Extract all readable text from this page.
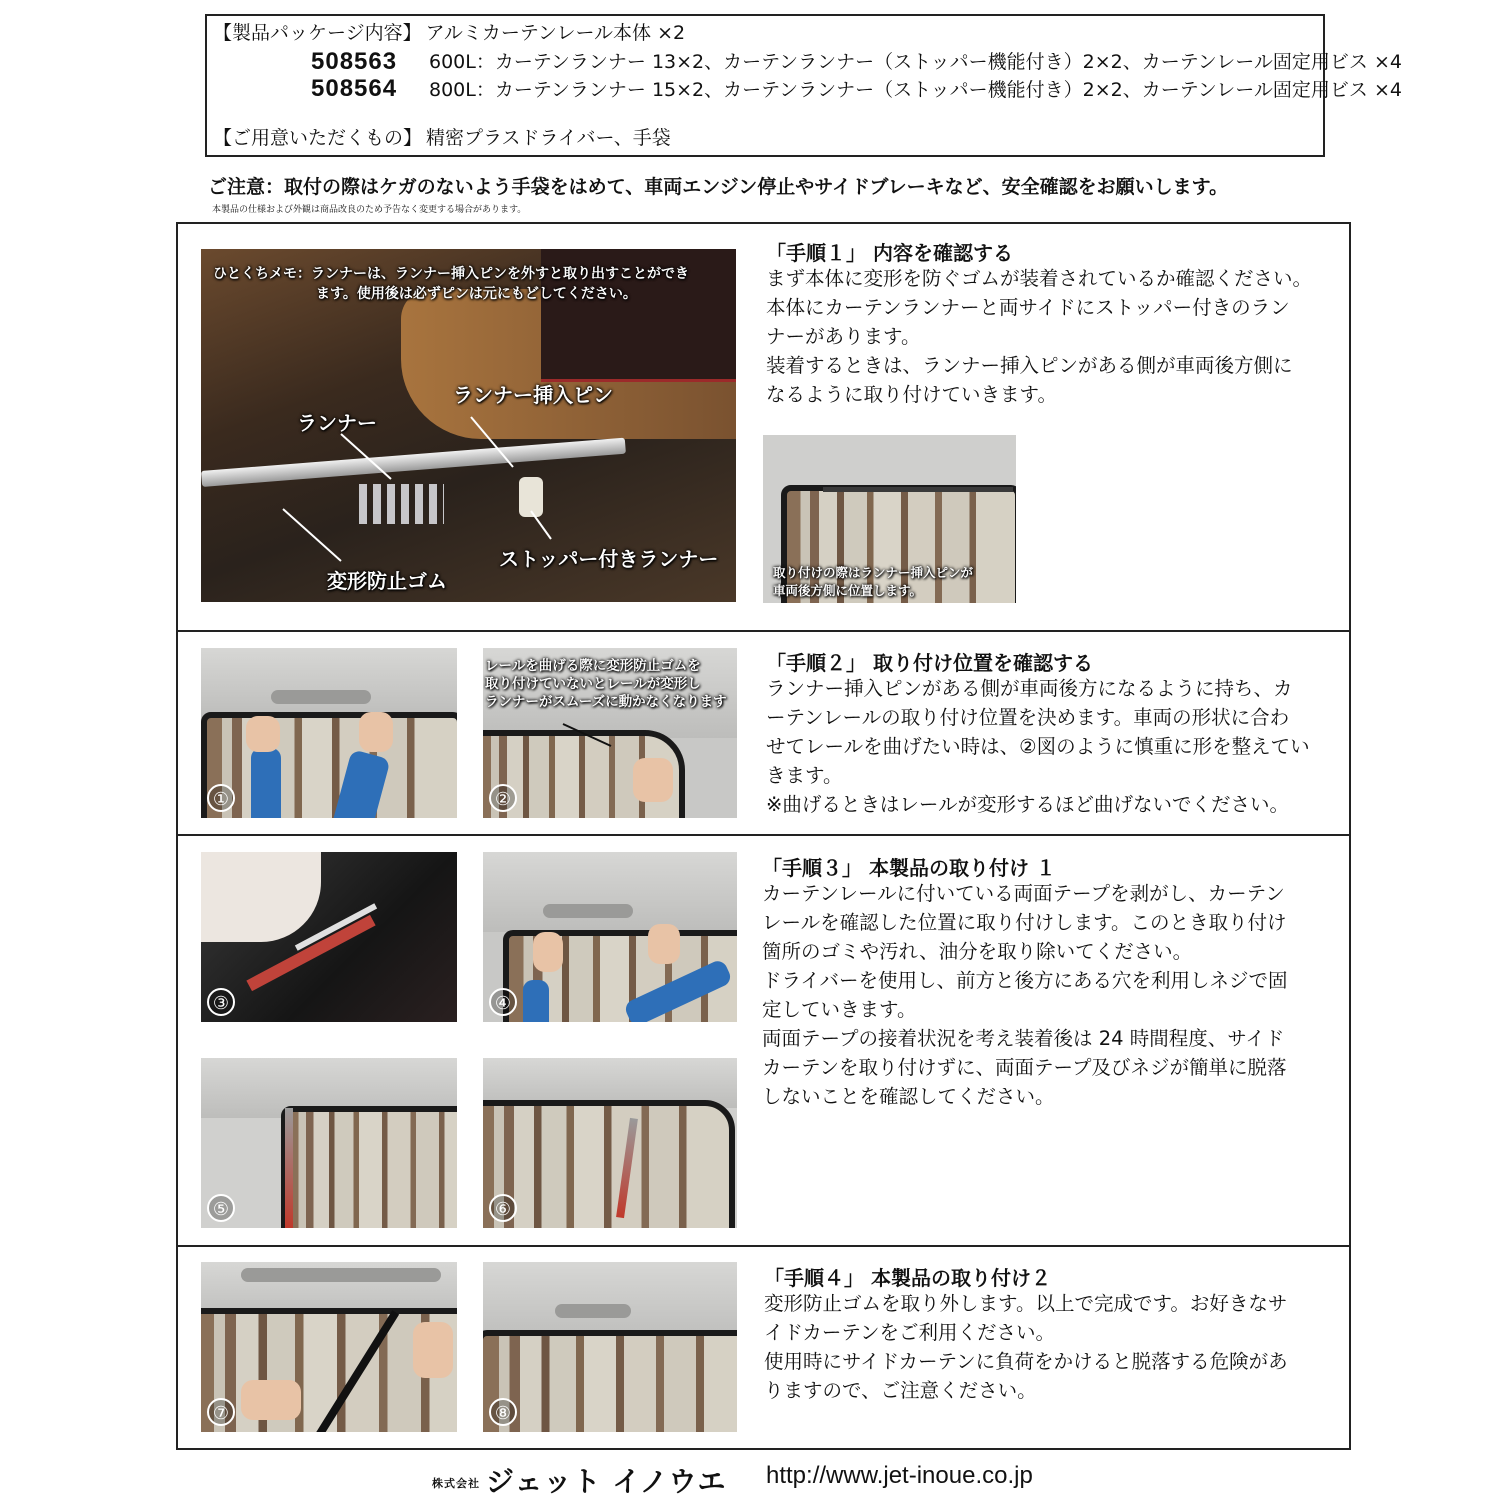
【製品パッケージ内容】 アルミカーテンレール本体 ×2
508563 600L：カーテンランナー 13×2、カーテンランナー（ストッパー機能付き）2×2、カーテンレール固定用ビス ×4
508564 800L：カーテンランナー 15×2、カーテンランナー（ストッパー機能付き）2×2、カーテンレール固定用ビス ×4
【ご用意いただくもの】 精密プラスドライバー、手袋
ご注意：取付の際はケガのないよう手袋をはめて、車両エンジン停止やサイドブレーキなど、安全確認をお願いします。
本製品の仕様および外観は商品改良のため予告なく変更する場合があります。
ひとくちメモ：ランナーは、ランナー挿入ピンを外すと取り出すことができ
ます。使用後は必ずピンは元にもどしてください。
ランナー
ランナー挿入ピン
ストッパー付きランナー
変形防止ゴム	取り付けの際はランナー挿入ピンが
車両後方側に位置します。
「手順１」 内容を確認する
まず本体に変形を防ぐゴムが装着されているか確認ください。
本体にカーテンランナーと両サイドにストッパー付きのラン
ナーがあります。
装着するときは、ランナー挿入ピンがある側が車両後方側に
なるように取り付けていきます。
①
レールを曲げる際に変形防止ゴムを
取り付けていないとレールが変形し
ランナーがスムーズに動かなくなります
②
「手順２」 取り付け位置を確認する
ランナー挿入ピンがある側が車両後方になるように持ち、カ
ーテンレールの取り付け位置を決めます。車両の形状に合わ
せてレールを曲げたい時は、②図のように慎重に形を整えてい
きます。
※曲げるときはレールが変形するほど曲げないでください。
③	④
⑤	⑥
「手順３」 本製品の取り付け １
カーテンレールに付いている両面テープを剥がし、カーテン
レールを確認した位置に取り付けします。このとき取り付け
箇所のゴミや汚れ、油分を取り除いてください。
ドライバーを使用し、前方と後方にある穴を利用しネジで固
定していきます。
両面テープの接着状況を考え装着後は 24 時間程度、サイド
カーテンを取り付けずに、両面テープ及びネジが簡単に脱落
しないことを確認してください。
⑦	⑧
「手順４」 本製品の取り付け２
変形防止ゴムを取り外します。以上で完成です。お好きなサ
イドカーテンをご利用ください。
使用時にサイドカーテンに負荷をかけると脱落する危険があ
りますので、ご注意ください。
株式会社 ジェット イノウエ http://www.jet-inoue.co.jp
